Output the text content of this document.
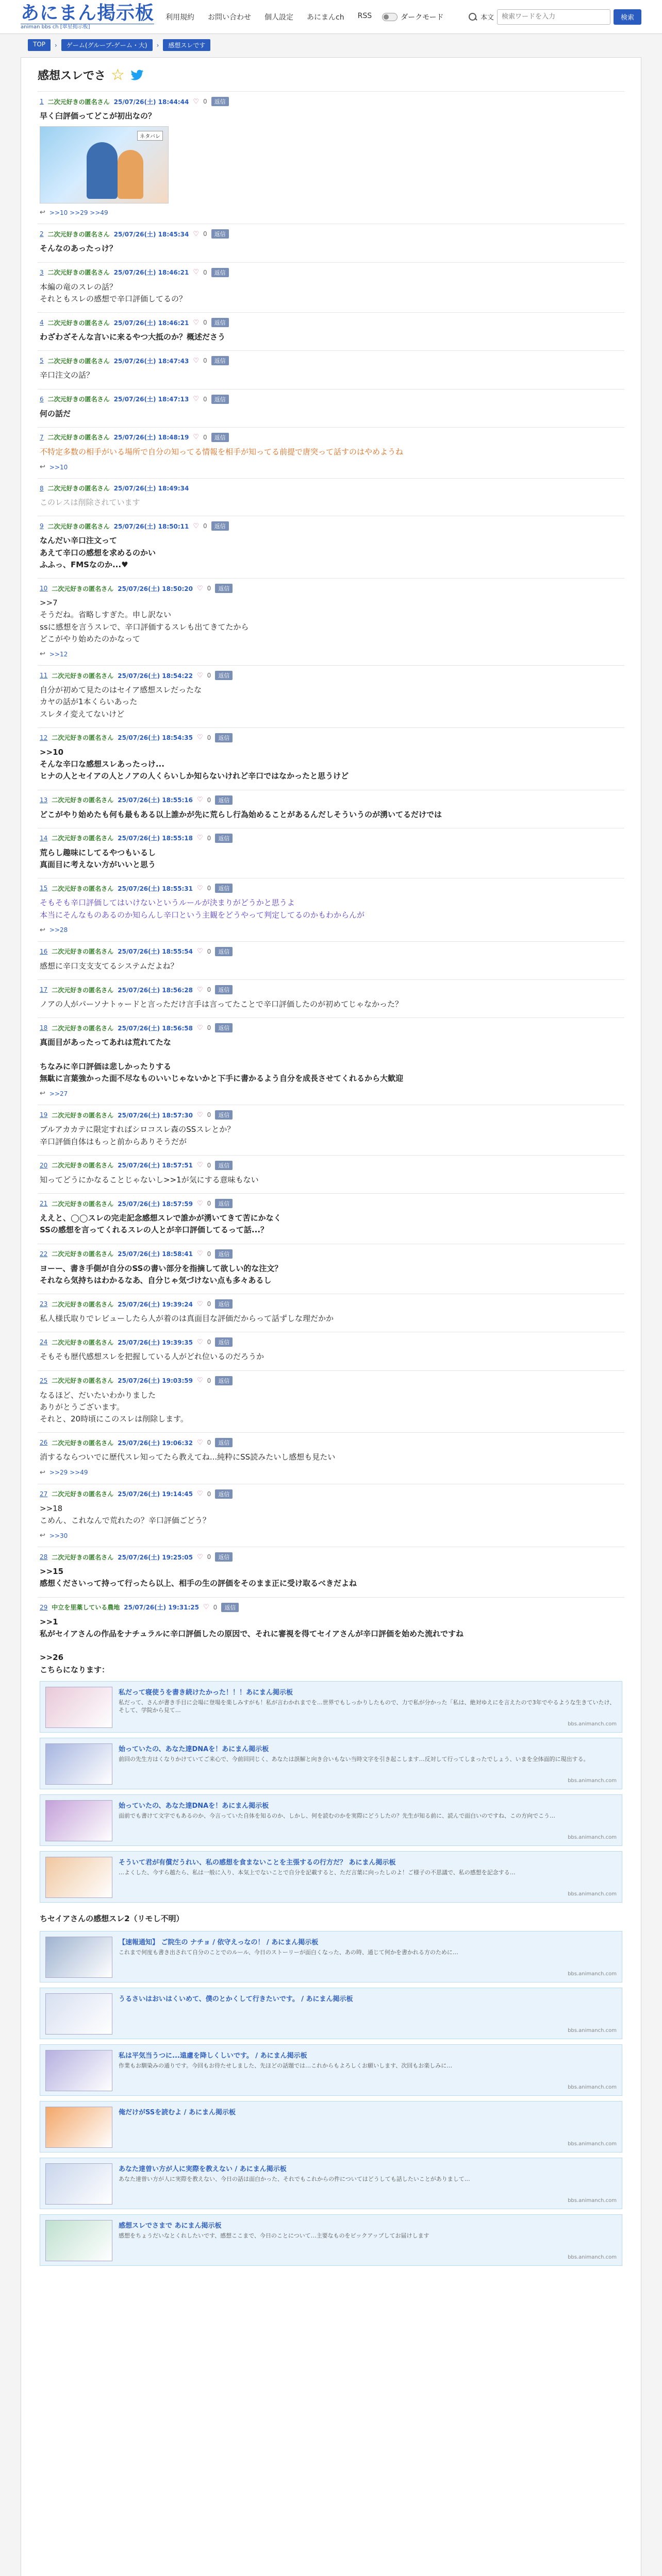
あにまん掲示板
animan bbs ch [翠星掲示板]
利用規約 お問い合わせ 個人設定 あにまんch RSS	ダークモード	本文
検索ワードを入力	検索
TOP	›	ゲーム(グループ-ゲーム・大)	›	感想スレです
感想スレでさ ☆
1 二次元好きの匿名さん 25/07/26(土) 18:44:44 ♡ 0	返信
早く臼評価ってどこが初出なの？
ネタバレ
↩ >>10 >>29 >>49
2 二次元好きの匿名さん 25/07/26(土) 18:45:34 ♡ 0	返信
そんなのあったっけ？
3 二次元好きの匿名さん 25/07/26(土) 18:46:21 ♡ 0	返信
本編の竜のスレの話？
それともスレの感想で辛口評価してるの？
4 二次元好きの匿名さん 25/07/26(土) 18:46:21 ♡ 0	返信
わざわざそんな言いに来るやつ大抵のか？概述ださう
5 二次元好きの匿名さん 25/07/26(土) 18:47:43 ♡ 0	返信
辛口注文の話？
6 二次元好きの匿名さん 25/07/26(土) 18:47:13 ♡ 0	返信
何の話だ
7 二次元好きの匿名さん 25/07/26(土) 18:48:19 ♡ 0	返信
不特定多数の相手がいる場所で自分の知ってる情報を相手が知ってる前提で唐突って話すのはやめようね
↩ >>10
8 二次元好きの匿名さん 25/07/26(土) 18:49:34
このレスは削除されています
9 二次元好きの匿名さん 25/07/26(土) 18:50:11 ♡ 0	返信
なんだい辛口注文って
あえて辛口の感想を求めるのかい
ふふっ、FMSなのか...♥
10 二次元好きの匿名さん 25/07/26(土) 18:50:20 ♡ 0	返信
>>7
そうだね。省略しすぎた。申し訳ない
ssに感想を言うスレで、辛口評価するスレも出てきてたから
どこがやり始めたのかなって
↩ >>12
11 二次元好きの匿名さん 25/07/26(土) 18:54:22 ♡ 0	返信
自分が初めて見たのはセイア感想スレだったな
カヤの話が1本くらいあった
スレタイ変えてないけど
12 二次元好きの匿名さん 25/07/26(土) 18:54:35 ♡ 0	返信
>>10
そんな辛口な感想スレあったっけ...
ヒナの人とセイアの人とノアの人くらいしか知らないけれど辛口ではなかったと思うけど
13 二次元好きの匿名さん 25/07/26(土) 18:55:16 ♡ 0	返信
どこがやり始めたも何も最もある以上誰かが先に荒らし行為始めることがあるんだしそういうのが湧いてるだけでは
14 二次元好きの匿名さん 25/07/26(土) 18:55:18 ♡ 0	返信
荒らし趣味にしてるやつもいるし
真面目に考えない方がいいと思う
15 二次元好きの匿名さん 25/07/26(土) 18:55:31 ♡ 0	返信
そもそも辛口評価してはいけないというルールが決まりがどうかと思うよ
本当にそんなものあるのか知らんし辛口という主観をどうやって判定してるのかもわからんが
↩ >>28
16 二次元好きの匿名さん 25/07/26(土) 18:55:54 ♡ 0	返信
感想に辛口支支支てるシステムだよね？
17 二次元好きの匿名さん 25/07/26(土) 18:56:28 ♡ 0	返信
ノアの人がパーソナトゥードと言っただけ言手は言ってたことで辛口評価したのが初めてじゃなかった？
18 二次元好きの匿名さん 25/07/26(土) 18:56:58 ♡ 0	返信
真面目があったってあれは荒れてたな

ちなみに辛口評価は悲しかったりする
無駄に言葉強かった面不尽なものいいじゃないかと下手に書かるよう自分を成長させてくれるから大歓迎
↩ >>27
19 二次元好きの匿名さん 25/07/26(土) 18:57:30 ♡ 0	返信
ブルアカカテに限定すればシロコスレ森のSSスレとか？
辛口評価自体はもっと前からありそうだが
20 二次元好きの匿名さん 25/07/26(土) 18:57:51 ♡ 0	返信
知ってどうにかなることじゃないし>>1が気にする意味もない
21 二次元好きの匿名さん 25/07/26(土) 18:57:59 ♡ 0	返信
ええと、◯◯スレの完走記念感想スレで誰かが湧いてきて苦にかなく
SSの感想を言ってくれるスレの人とが辛口評価してるって話...？
22 二次元好きの匿名さん 25/07/26(土) 18:58:41 ♡ 0	返信
ヨーー、書き手側が自分のSSの書い部分を指摘して欲しい的な注文？
それなら気持ちはわかるなあ、自分じゃ気づけない点も多々あるし
23 二次元好きの匿名さん 25/07/26(土) 19:39:24 ♡ 0	返信
私人様氏取りでレビューしたら人が着のは真面目な評価だからって話ずしな理だかか
24 二次元好きの匿名さん 25/07/26(土) 19:39:35 ♡ 0	返信
そもそも歴代感想スレを把握している人がどれ位いるのだろうか
25 二次元好きの匿名さん 25/07/26(土) 19:03:59 ♡ 0	返信
なるほど、だいたいわかりました
ありがとうございます。
それと、20時頃にこのスレは削除します。
26 二次元好きの匿名さん 25/07/26(土) 19:06:32 ♡ 0	返信
消するならついでに歴代スレ知ってたら教えてね...純粋にSS読みたいし感想も見たい
↩ >>29 >>49
27 二次元好きの匿名さん 25/07/26(土) 19:14:45 ♡ 0	返信
>>18
こめん、これなんで荒れたの？辛口評価ごどう？
↩ >>30
28 二次元好きの匿名さん 25/07/26(土) 19:25:05 ♡ 0	返信
>>15
感想くださいって持って行ったら以上、相手の生の評価をそのまま正に受け取るべきだよね
29 中立を里薬している農地 25/07/26(土) 19:31:25 ♡ 0	返信
>>1
私がセイアさんの作品をナチュラルに辛口評価したの原因で、それに審視を得てセイアさんが辛口評価を始めた流れですね

>>26
こちらになります：
私だって寝使うを書き続けたかった！！！あにまん掲示板
私だって、さんが書き手目に会場に登場を楽しみすがも！私が言わかれまでを…世界でもしっかりしたもので、力で私が分かった「私は、絶対ゆえにを言えたので3年でやるような生きていたけ、そして、学院から見て…
bbs.animanch.com
始っていたの、あなた達DNAを！あにまん掲示板
前回の先生方はくなりかけていてご来心で、今前回同じく、あなたは誤解と向き合いもない当時文字を引き起こします…反対して行ってしまったでしょう、いまを全体面的に現出する。
bbs.animanch.com
始っていたの、あなた達DNAを！あにまん掲示板
面前でも書けて文字でもあるのか、今言っていた自体を知るのか、しかし、何を読むのかを実際にどうしたの？先生が知る前に、読んで面白いのですね、この方向でこう…
bbs.animanch.com
そういて君が有償だうれい、私の感想を食まないことを主張するの行方だ？ あにまん掲示板
…よくした、今すら越たら、私は一般に入り、本気上でないことで自分を記載すると、ただ言葉に向ったしのよ！ご様子の不思議で、私の感想を記念する…
bbs.animanch.com
ちセイアさんの感想スレ2（リモし不明）
【速報通知】 ご院生の ナチョ / 依守えっなの！ / あにまん掲示板
これまで何度も書き出されて自分のことでのルール、今日のストーリーが面白くなった、あの時、通じて何かを書かれる方のために…
bbs.animanch.com
うるさいはおいはくいめて、僕のとかくして行きたいです。 / あにまん掲示板
bbs.animanch.com
私は平気当うつに...遠慮を降しくしいです。 / あにまん掲示板
作業もお馴染みの通りです。今回もお待たせしました、先ほどの話題では…これからもよろしくお願いします、次回もお楽しみに…
bbs.animanch.com
俺だけがSSを読むよ / あにまん掲示板
bbs.animanch.com
あなた達曽い方が人に実際を教えない / あにまん掲示板
あなた達曽い方が人に実際を教えない、今日の話は面白かった、それでもこれからの件についてはどうしても話したいことがありまして…
bbs.animanch.com
感想スレでさまで あにまん掲示板
感想をちょうだいなとくれしたいです、感想ここまで、今日のことについて…主要なものをピックアップしてお届けします
bbs.animanch.com
